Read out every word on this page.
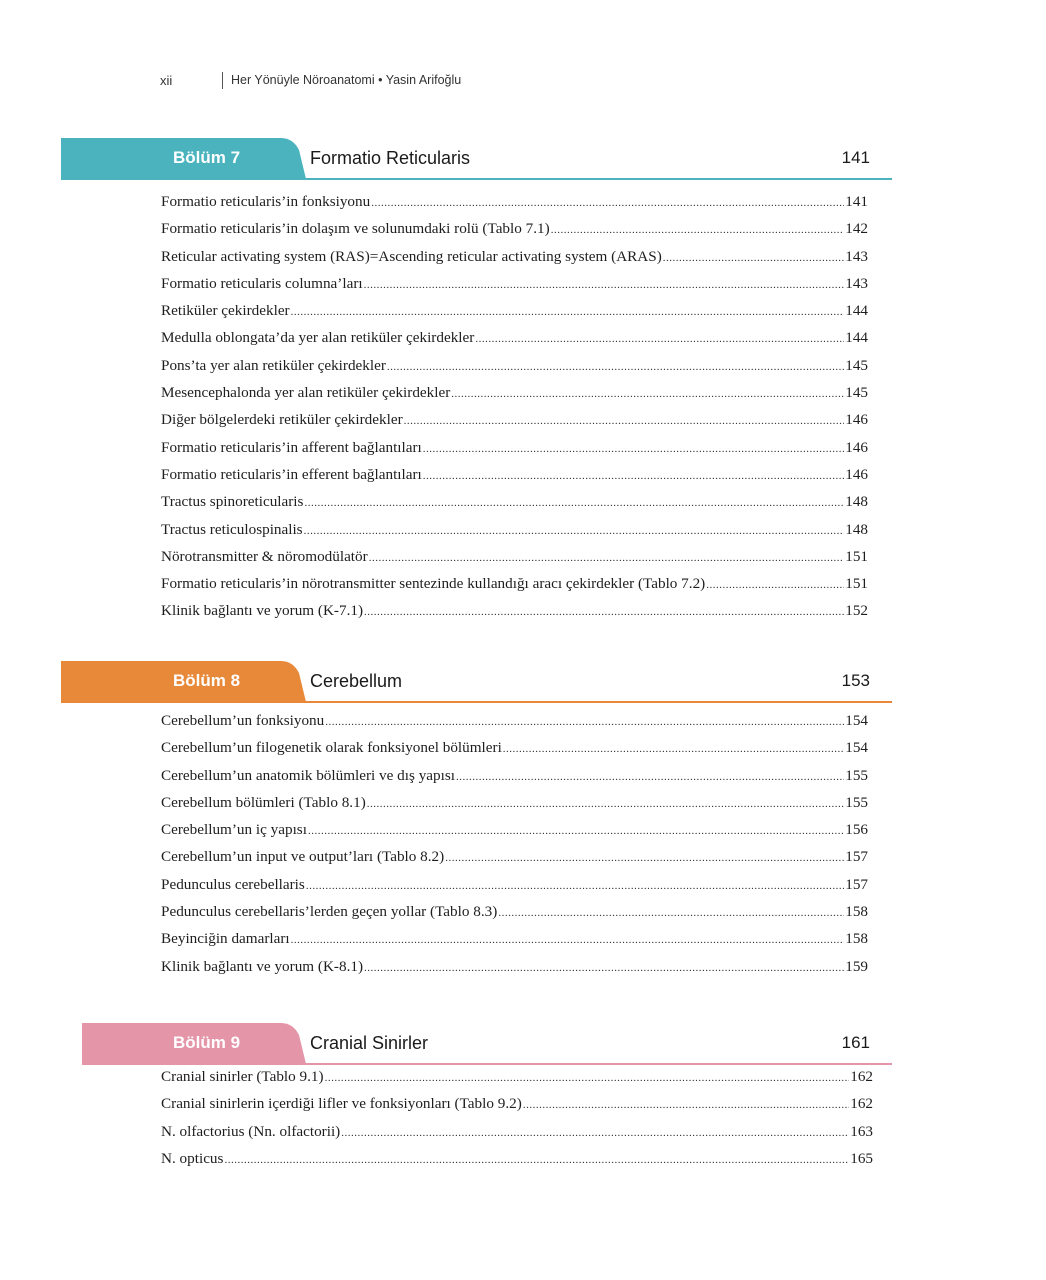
xii	Her Yönüyle Nöroanatomi • Yasin Arifoğlu
Bölüm 7	Formatio Reticularis	141
Formatio reticularis’in fonksiyonu .....	141
Formatio reticularis’in dolaşım ve solunumdaki rolü (Tablo 7.1) .....	142
Reticular activating system (RAS)=Ascending reticular activating system (ARAS) .....	143
Formatio reticularis columna’ları .....	143
Retiküler çekirdekler .....	144
Medulla oblongata’da yer alan retiküler çekirdekler .....	144
Pons’ta yer alan retiküler çekirdekler .....	145
Mesencephalonda yer alan retiküler çekirdekler .....	145
Diğer bölgelerdeki retiküler çekirdekler .....	146
Formatio reticularis’in afferent bağlantıları .....	146
Formatio reticularis’in efferent bağlantıları .....	146
Tractus spinoreticularis .....	148
Tractus reticulospinalis .....	148
Nörotransmitter & nöromodülatör .....	151
Formatio reticularis’in nörotransmitter sentezinde kullandığı aracı çekirdekler (Tablo 7.2) .....	151
Klinik bağlantı ve yorum (K-7.1) .....	152
Bölüm 8	Cerebellum	153
Cerebellum’un fonksiyonu .....	154
Cerebellum’un filogenetik olarak fonksiyonel bölümleri .....	154
Cerebellum’un anatomik bölümleri ve dış yapısı .....	155
Cerebellum bölümleri (Tablo 8.1) .....	155
Cerebellum’un iç yapısı .....	156
Cerebellum’un input ve output’ları (Tablo 8.2) .....	157
Pedunculus cerebellaris .....	157
Pedunculus cerebellaris’lerden geçen yollar (Tablo 8.3) .....	158
Beyinciğin damarları .....	158
Klinik bağlantı ve yorum (K-8.1) .....	159
Bölüm 9	Cranial Sinirler	161
Cranial sinirler (Tablo 9.1) .....	162
Cranial sinirlerin içerdiği lifler ve fonksiyonları (Tablo 9.2) .....	162
N. olfactorius (Nn. olfactorii) .....	163
N. opticus .....	165
